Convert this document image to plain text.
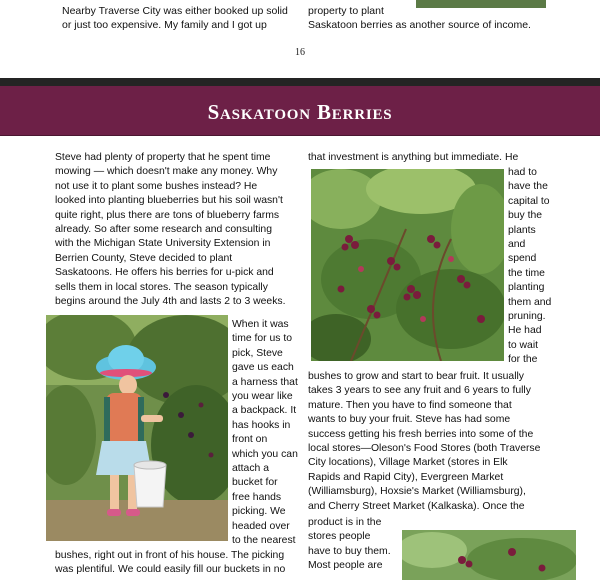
Nearby Traverse City was either booked up solid
or just too expensive. My family and I got up
property to plant
Saskatoon berries as another source of income.
16
Saskatoon Berries
Steve had plenty of property that he spent time
mowing — which doesn't make any money. Why
not use it to plant some bushes instead? He
looked into planting blueberries but his soil wasn't
quite right, plus there are tons of blueberry farms
already. So after some research and consulting
with the Michigan State University Extension in
Berrien County, Steve decided to plant
Saskatoons. He offers his berries for u-pick and
sells them in local stores. The season typically
begins around the July 4th and lasts 2 to 3 weeks.
When it was
time for us to
pick, Steve
gave us each
a harness that
you wear like
a backpack. It
has hooks in
front on
which you can
attach a
bucket for
free hands
picking. We
headed over
to the nearest
bushes, right out in front of his house. The picking
was plentiful. We could easily fill our buckets in no
that investment is anything but immediate. He
had to
have the
capital to
buy the
plants
and
spend
the time
planting
them and
pruning.
He had
to wait
for the
bushes to grow and start to bear fruit. It usually
takes 3 years to see any fruit and 6 years to fully
mature. Then you have to find someone that
wants to buy your fruit. Steve has had some
success getting his fresh berries into some of the
local stores—Oleson's Food Stores (both Traverse
City locations), Village Market (stores in Elk
Rapids and Rapid City), Evergreen Market
(Williamsburg), Hoxsie's Market (Williamsburg),
and Cherry Street Market (Kalkaska). Once the
product is in the
stores people
have to buy them.
Most people are
